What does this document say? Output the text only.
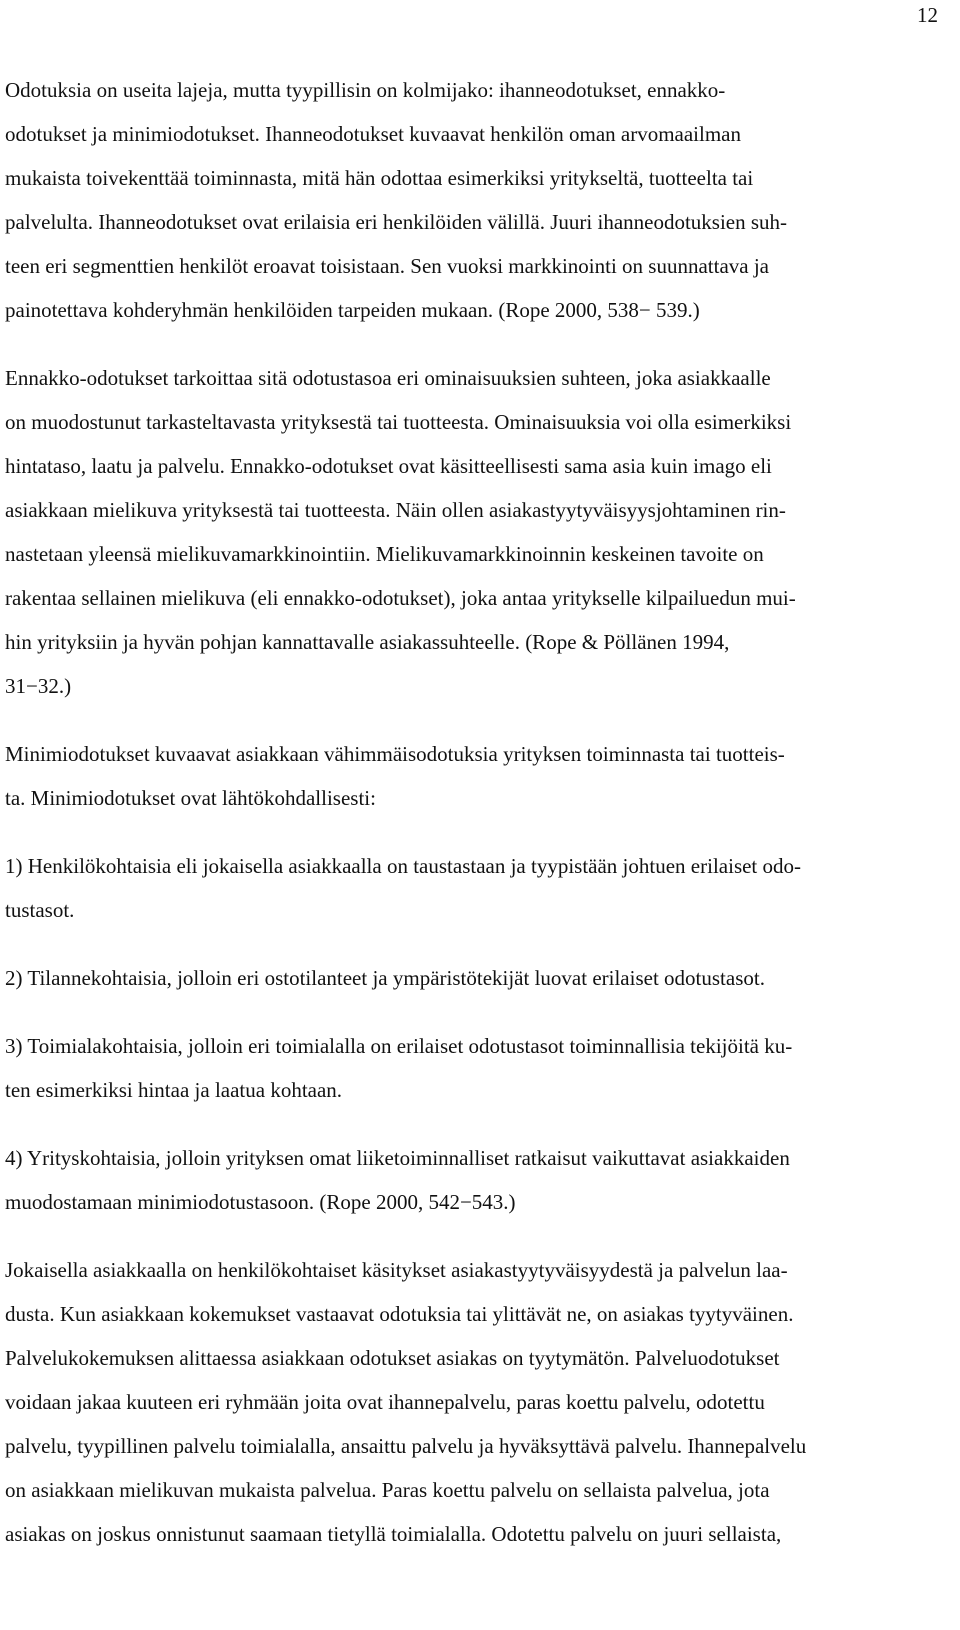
12

Odotuksia on useita lajeja, mutta tyypillisin on kolmijako: ihanneodotukset, ennakko-
odotukset ja minimiodotukset. Ihanneodotukset kuvaavat henkilön oman arvomaailman
mukaista toivekenttää toiminnasta, mitä hän odottaa esimerkiksi yritykseltä, tuotteelta tai
palvelulta. Ihanneodotukset ovat erilaisia eri henkilöiden välillä. Juuri ihanneodotuksien suh-
teen eri segmenttien henkilöt eroavat toisistaan. Sen vuoksi markkinointi on suunnattava ja
painotettava kohderyhmän henkilöiden tarpeiden mukaan. (Rope 2000, 538− 539.)

Ennakko-odotukset tarkoittaa sitä odotustasoa eri ominaisuuksien suhteen, joka asiakkaalle
on muodostunut tarkasteltavasta yrityksestä tai tuotteesta. Ominaisuuksia voi olla esimerkiksi
hintataso, laatu ja palvelu. Ennakko-odotukset ovat käsitteellisesti sama asia kuin imago eli
asiakkaan mielikuva yrityksestä tai tuotteesta. Näin ollen asiakastyytyväisyysjohtaminen rin-
nastetaan yleensä mielikuvamarkkinointiin. Mielikuvamarkkinoinnin keskeinen tavoite on
rakentaa sellainen mielikuva (eli ennakko-odotukset), joka antaa yritykselle kilpailuedun mui-
hin yrityksiin ja hyvän pohjan kannattavalle asiakassuhteelle. (Rope & Pöllänen 1994,
31−32.)

Minimiodotukset kuvaavat asiakkaan vähimmäisodotuksia yrityksen toiminnasta tai tuotteis-
ta. Minimiodotukset ovat lähtökohdallisesti:

1) Henkilökohtaisia eli jokaisella asiakkaalla on taustastaan ja tyypistään johtuen erilaiset odo-
tustasot.

2) Tilannekohtaisia, jolloin eri ostotilanteet ja ympäristötekijät luovat erilaiset odotustasot.

3) Toimialakohtaisia, jolloin eri toimialalla on erilaiset odotustasot toiminnallisia tekijöitä ku-
ten esimerkiksi hintaa ja laatua kohtaan.

4) Yrityskohtaisia, jolloin yrityksen omat liiketoiminnalliset ratkaisut vaikuttavat asiakkaiden
muodostamaan minimiodotustasoon. (Rope 2000, 542−543.)

Jokaisella asiakkaalla on henkilökohtaiset käsitykset asiakastyytyväisyydestä ja palvelun laa-
dusta. Kun asiakkaan kokemukset vastaavat odotuksia tai ylittävät ne, on asiakas tyytyväinen.
Palvelukokemuksen alittaessa asiakkaan odotukset asiakas on tyytymätön. Palveluodotukset
voidaan jakaa kuuteen eri ryhmään joita ovat ihannepalvelu, paras koettu palvelu, odotettu
palvelu, tyypillinen palvelu toimialalla, ansaittu palvelu ja hyväksyttävä palvelu. Ihannepalvelu
on asiakkaan mielikuvan mukaista palvelua. Paras koettu palvelu on sellaista palvelua, jota
asiakas on joskus onnistunut saamaan tietyllä toimialalla. Odotettu palvelu on juuri sellaista,
